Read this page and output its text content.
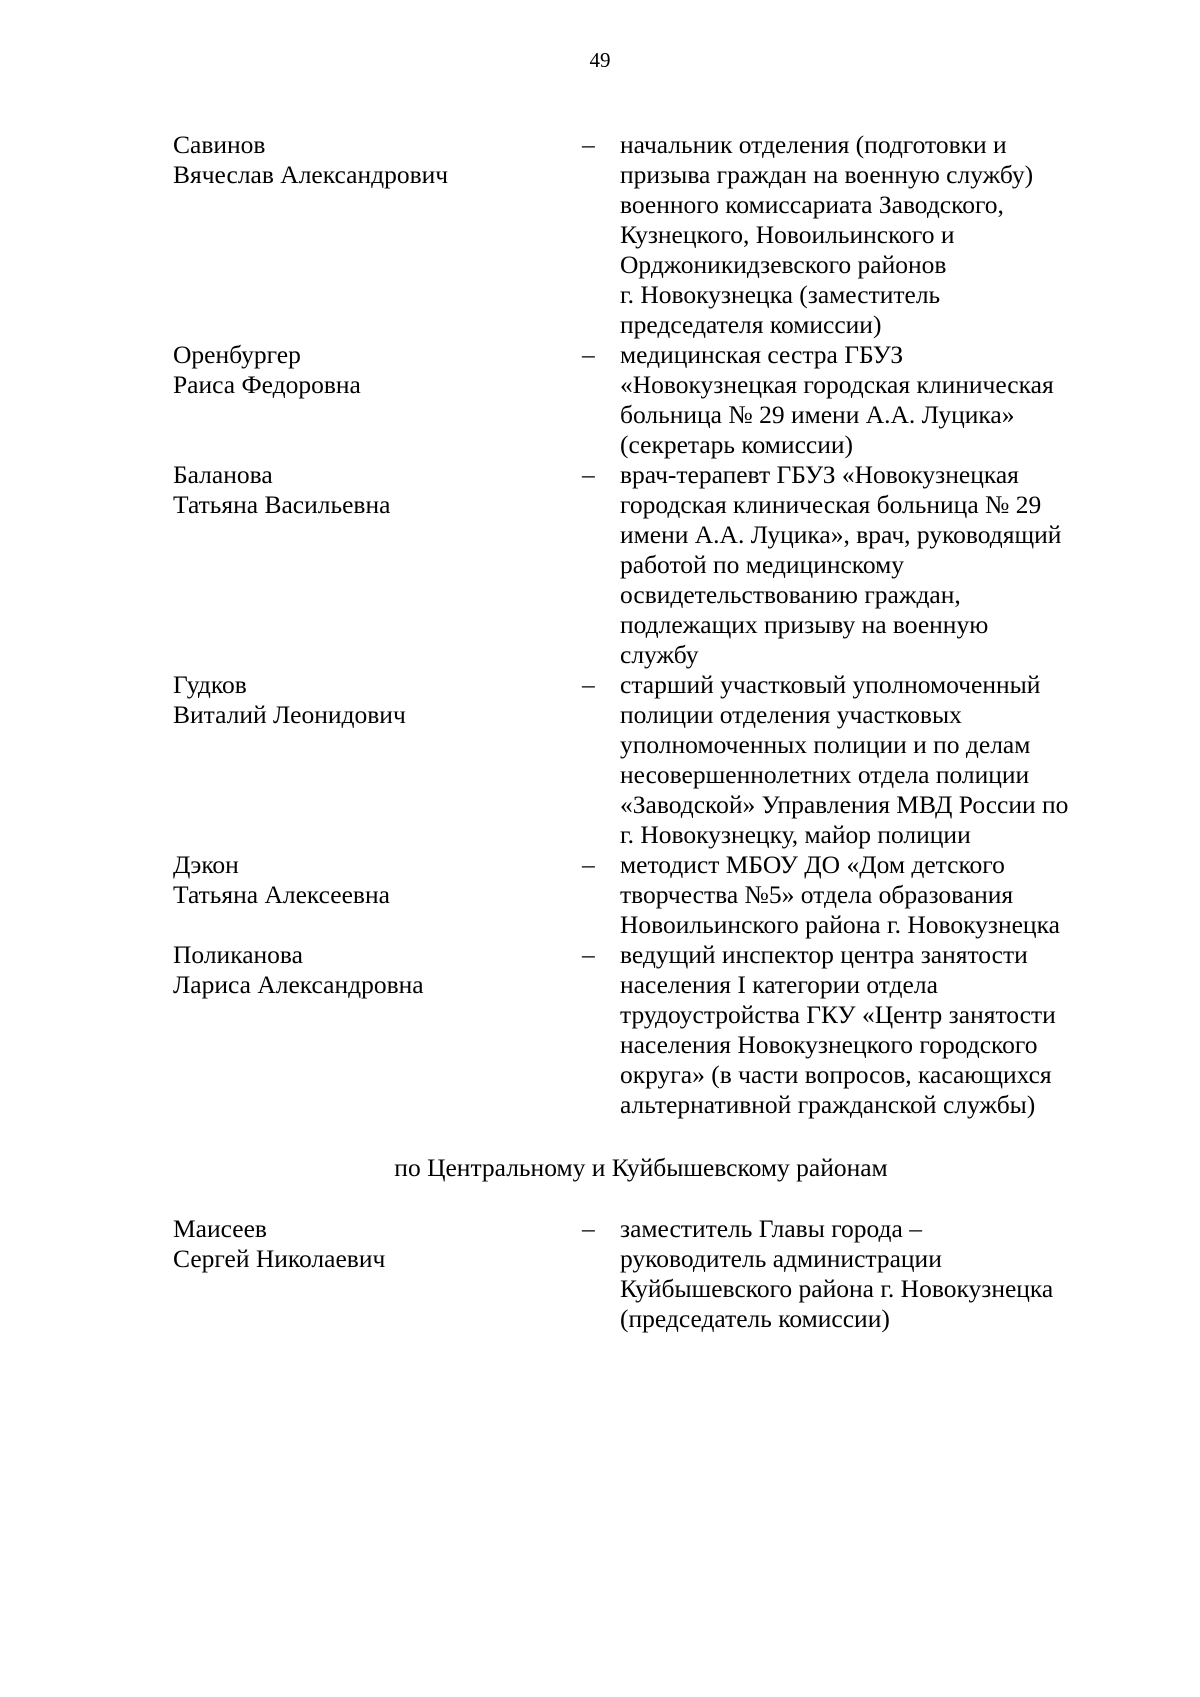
49
Савинов
Вячеслав Александрович
– начальник отделения (подготовки и
призыва граждан на военную службу)
военного комиссариата Заводского,
Кузнецкого, Новоильинского и
Орджоникидзевского районов
г. Новокузнецка (заместитель
председателя комиссии)
Оренбургер
Раиса Федоровна
– медицинская сестра ГБУЗ
«Новокузнецкая городская клиническая
больница № 29 имени А.А. Луцика»
(секретарь комиссии)
Баланова
Татьяна Васильевна
– врач-терапевт ГБУЗ «Новокузнецкая
городская клиническая больница № 29
имени А.А. Луцика», врач, руководящий
работой по медицинскому
освидетельствованию граждан,
подлежащих призыву на военную
службу
Гудков
Виталий Леонидович
– старший участковый уполномоченный
полиции отделения участковых
уполномоченных полиции и по делам
несовершеннолетних отдела полиции
«Заводской» Управления МВД России по
г. Новокузнецку, майор полиции
Дэкон
Татьяна Алексеевна
– методист МБОУ ДО «Дом детского
творчества №5» отдела образования
Новоильинского района г. Новокузнецка
Поликанова
Лариса Александровна
– ведущий инспектор центра занятости
населения I категории отдела
трудоустройства ГКУ «Центр занятости
населения Новокузнецкого городского
округа» (в части вопросов, касающихся
альтернативной гражданской службы)
по Центральному и Куйбышевскому районам
Маисеев
Сергей Николаевич
– заместитель Главы города –
руководитель администрации
Куйбышевского района г. Новокузнецка
(председатель комиссии)
